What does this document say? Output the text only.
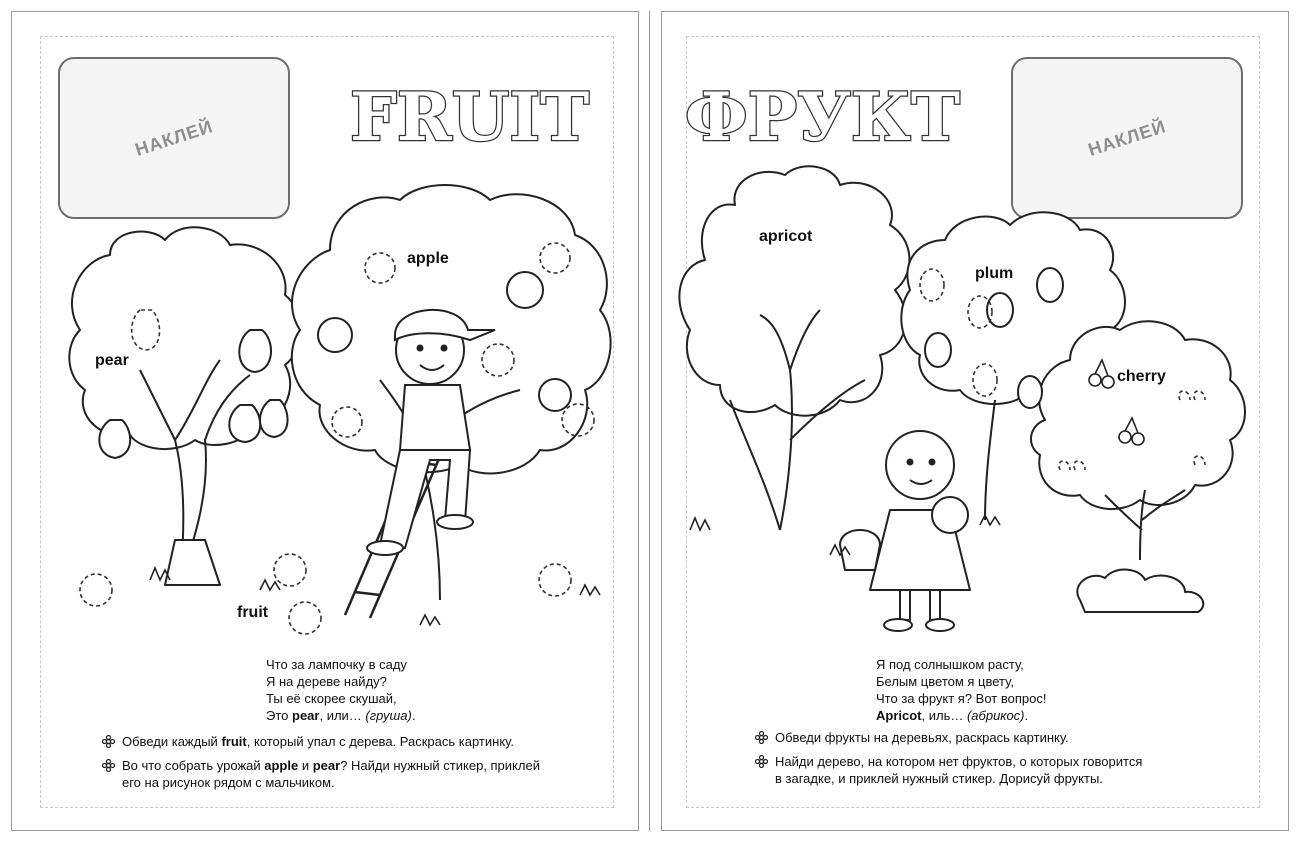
НАКЛЕЙ FRUIT
apple
pear
fruit
Что за лампочку в саду
Я на дереве найду?
Ты её скорее скушай,
Это pear, или… (груша).
Обведи каждый fruit, который упал с дерева. Раскрась картинку.
Во что собрать урожай apple и pear? Найди нужный стикер, приклей
его на рисунок рядом с мальчиком.
НАКЛЕЙ
ФРУКТ
apricot
plum
cherry
Я под солнышком расту,
Белым цветом я цвету,
Что за фрукт я? Вот вопрос!
Apricot, иль… (абрикос).
Обведи фрукты на деревьях, раскрась картинку.
Найди дерево, на котором нет фруктов, о которых говорится
в загадке, и приклей нужный стикер. Дорисуй фрукты.
